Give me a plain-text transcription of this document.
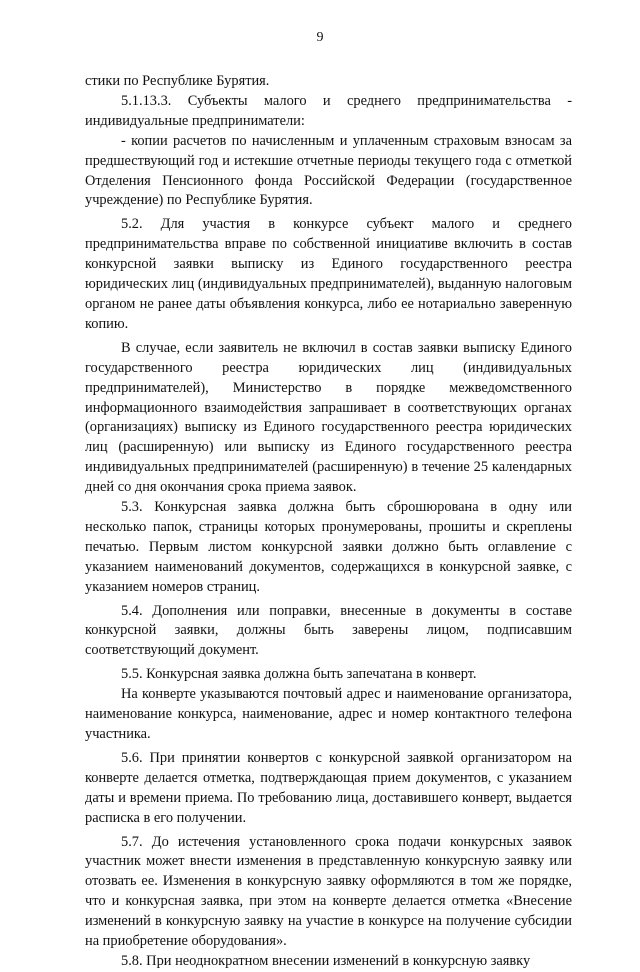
9

стики по Республике Бурятия.

5.1.13.3. Субъекты малого и среднего предпринимательства - индивидуальные предприниматели:

- копии расчетов по начисленным и уплаченным страховым взносам за предшествующий год и истекшие отчетные периоды текущего года с отметкой Отделения Пенсионного фонда Российской Федерации (государственное учреждение) по Республике Бурятия.

5.2. Для участия в конкурсе субъект малого и среднего предпринимательства вправе по собственной инициативе включить в состав конкурсной заявки выписку из Единого государственного реестра юридических лиц (индивидуальных предпринимателей), выданную налоговым органом не ранее даты объявления конкурса, либо ее нотариально заверенную копию.

В случае, если заявитель не включил в состав заявки выписку Единого государственного реестра юридических лиц (индивидуальных предпринимателей), Министерство в порядке межведомственного информационного взаимодействия запрашивает в соответствующих органах (организациях) выписку из Единого государственного реестра юридических лиц (расширенную) или выписку из Единого государственного реестра индивидуальных предпринимателей (расширенную) в течение 25 календарных дней со дня окончания срока приема заявок.

5.3. Конкурсная заявка должна быть сброшюрована в одну или несколько папок, страницы которых пронумерованы, прошиты и скреплены печатью. Первым листом конкурсной заявки должно быть оглавление с указанием наименований документов, содержащихся в конкурсной заявке, с указанием номеров страниц.

5.4. Дополнения или поправки, внесенные в документы в составе конкурсной заявки, должны быть заверены лицом, подписавшим соответствующий документ.

5.5. Конкурсная заявка должна быть запечатана в конверт.

На конверте указываются почтовый адрес и наименование организатора, наименование конкурса, наименование, адрес и номер контактного телефона участника.

5.6. При принятии конвертов с конкурсной заявкой организатором на конверте делается отметка, подтверждающая прием документов, с указанием даты и времени приема. По требованию лица, доставившего конверт, выдается расписка в его получении.

5.7. До истечения установленного срока подачи конкурсных заявок участник может внести изменения в представленную конкурсную заявку или отозвать ее. Изменения в конкурсную заявку оформляются в том же порядке, что и конкурсная заявка, при этом на конверте делается отметка «Внесение изменений в конкурсную заявку на участие в конкурсе на получение субсидии на приобретение оборудования».

5.8. При неоднократном внесении изменений в конкурсную заявку
